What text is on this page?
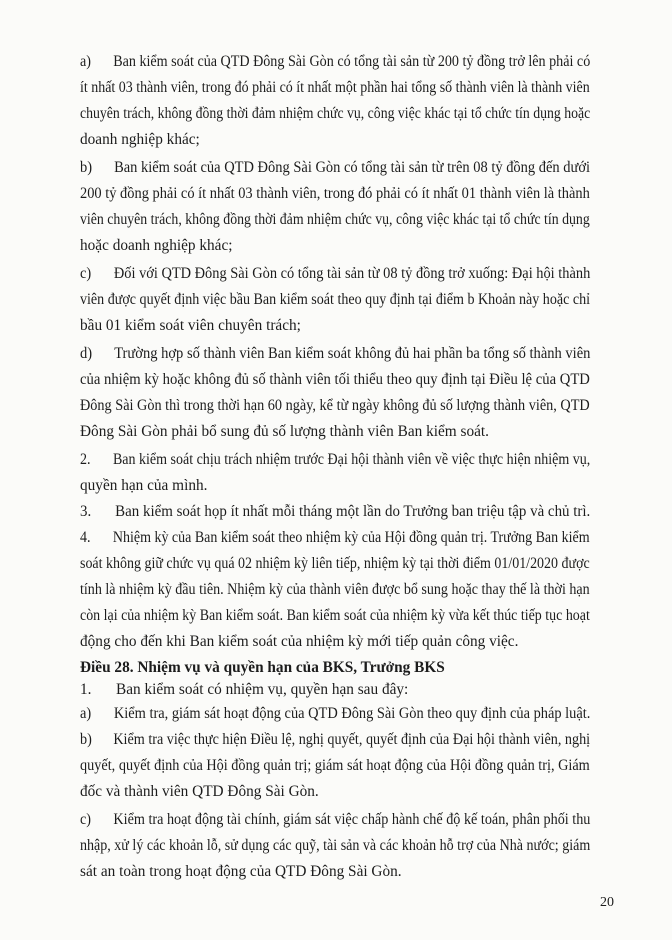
a) Ban kiểm soát của QTD Đông Sài Gòn có tổng tài sản từ 200 tỷ đồng trở lên phải có
ít nhất 03 thành viên, trong đó phải có ít nhất một phần hai tổng số thành viên là thành viên
chuyên trách, không đồng thời đảm nhiệm chức vụ, công việc khác tại tổ chức tín dụng hoặc
doanh nghiệp khác;
b) Ban kiểm soát của QTD Đông Sài Gòn có tổng tài sản từ trên 08 tỷ đồng đến dưới
200 tỷ đồng phải có ít nhất 03 thành viên, trong đó phải có ít nhất 01 thành viên là thành
viên chuyên trách, không đồng thời đảm nhiệm chức vụ, công việc khác tại tổ chức tín dụng
hoặc doanh nghiệp khác;
c) Đối với QTD Đông Sài Gòn có tổng tài sản từ 08 tỷ đồng trở xuống: Đại hội thành
viên được quyết định việc bầu Ban kiểm soát theo quy định tại điểm b Khoản này hoặc chỉ
bầu 01 kiểm soát viên chuyên trách;
d) Trường hợp số thành viên Ban kiểm soát không đủ hai phần ba tổng số thành viên
của nhiệm kỳ hoặc không đủ số thành viên tối thiểu theo quy định tại Điều lệ của QTD
Đông Sài Gòn thì trong thời hạn 60 ngày, kể từ ngày không đủ số lượng thành viên, QTD
Đông Sài Gòn phải bổ sung đủ số lượng thành viên Ban kiểm soát.
2. Ban kiểm soát chịu trách nhiệm trước Đại hội thành viên về việc thực hiện nhiệm vụ,
quyền hạn của mình.
3. Ban kiểm soát họp ít nhất mỗi tháng một lần do Trưởng ban triệu tập và chủ trì.
4. Nhiệm kỳ của Ban kiểm soát theo nhiệm kỳ của Hội đồng quản trị. Trưởng Ban kiểm
soát không giữ chức vụ quá 02 nhiệm kỳ liên tiếp, nhiệm kỳ tại thời điểm 01/01/2020 được
tính là nhiệm kỳ đầu tiên. Nhiệm kỳ của thành viên được bổ sung hoặc thay thế là thời hạn
còn lại của nhiệm kỳ Ban kiểm soát. Ban kiểm soát của nhiệm kỳ vừa kết thúc tiếp tục hoạt
động cho đến khi Ban kiểm soát của nhiệm kỳ mới tiếp quản công việc.
Điều 28. Nhiệm vụ và quyền hạn của BKS, Trưởng BKS
1. Ban kiểm soát có nhiệm vụ, quyền hạn sau đây:
a) Kiểm tra, giám sát hoạt động của QTD Đông Sài Gòn theo quy định của pháp luật.
b) Kiểm tra việc thực hiện Điều lệ, nghị quyết, quyết định của Đại hội thành viên, nghị
quyết, quyết định của Hội đồng quản trị; giám sát hoạt động của Hội đồng quản trị, Giám
đốc và thành viên QTD Đông Sài Gòn.
c) Kiểm tra hoạt động tài chính, giám sát việc chấp hành chế độ kế toán, phân phối thu
nhập, xử lý các khoản lỗ, sử dụng các quỹ, tài sản và các khoản hỗ trợ của Nhà nước; giám
sát an toàn trong hoạt động của QTD Đông Sài Gòn.
20
